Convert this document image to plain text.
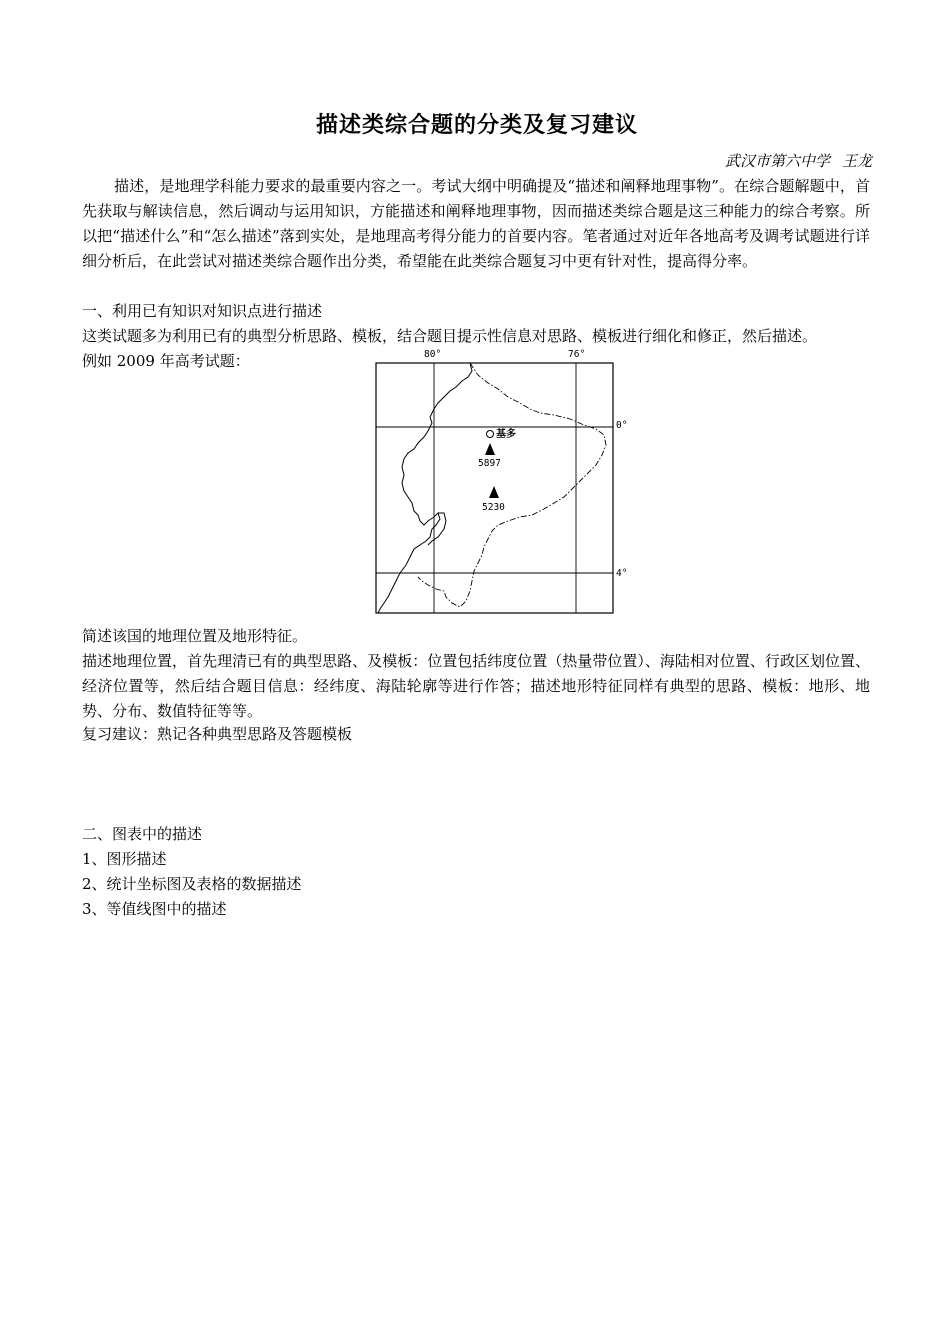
描述类综合题的分类及复习建议
武汉市第六中学 王龙
描述，是地理学科能力要求的最重要内容之一。考试大纲中明确提及“描述和阐释地理事物”。在综合题解题中，首先获取与解读信息，然后调动与运用知识，方能描述和阐释地理事物，因而描述类综合题是这三种能力的综合考察。所以把“描述什么”和“怎么描述”落到实处，是地理高考得分能力的首要内容。笔者通过对近年各地高考及调考试题进行详细分析后，在此尝试对描述类综合题作出分类，希望能在此类综合题复习中更有针对性，提高得分率。
一、利用已有知识对知识点进行描述
这类试题多为利用已有的典型分析思路、模板，结合题目提示性信息对思路、模板进行细化和修正，然后描述。
例如 2009 年高考试题：	80°	76°
0°
4°
基多
5897
5230
简述该国的地理位置及地形特征。
描述地理位置，首先理清已有的典型思路、及模板：位置包括纬度位置（热量带位置）、海陆相对位置、行政区划位置、经济位置等，然后结合题目信息：经纬度、海陆轮廓等进行作答；描述地形特征同样有典型的思路、模板：地形、地势、分布、数值特征等等。
复习建议：熟记各种典型思路及答题模板
二、图表中的描述
1、图形描述
2、统计坐标图及表格的数据描述
3、等值线图中的描述
